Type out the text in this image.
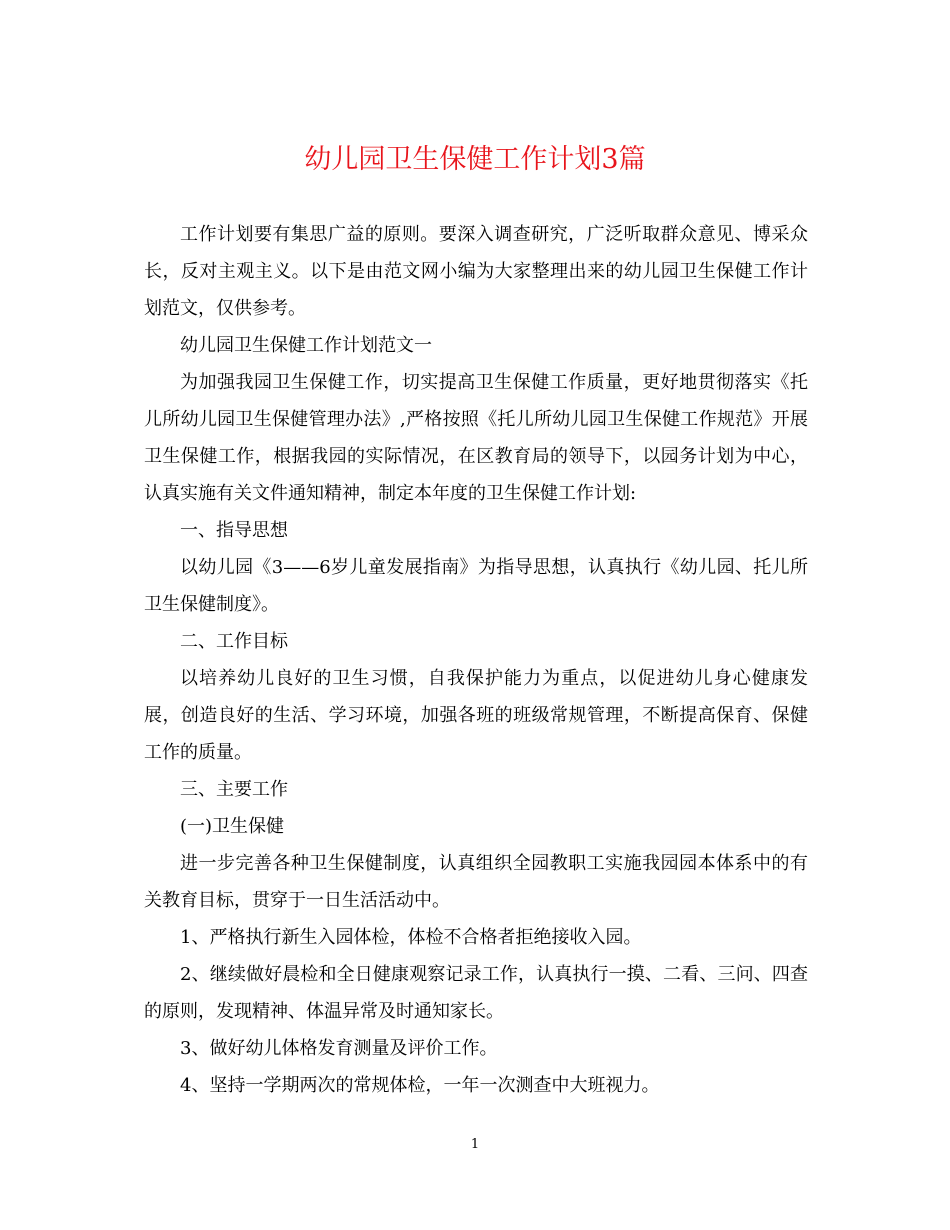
幼儿园卫生保健工作计划3篇

工作计划要有集思广益的原则。要深入调查研究，广泛听取群众意见、博采众长，反对主观主义。以下是由范文网小编为大家整理出来的幼儿园卫生保健工作计划范文，仅供参考。

幼儿园卫生保健工作计划范文一

为加强我园卫生保健工作，切实提高卫生保健工作质量，更好地贯彻落实《托儿所幼儿园卫生保健管理办法》,严格按照《托儿所幼儿园卫生保健工作规范》开展卫生保健工作，根据我园的实际情况，在区教育局的领导下，以园务计划为中心，认真实施有关文件通知精神，制定本年度的卫生保健工作计划:

一、指导思想

以幼儿园《3——6岁儿童发展指南》为指导思想，认真执行《幼儿园、托儿所卫生保健制度》。

二、工作目标

以培养幼儿良好的卫生习惯，自我保护能力为重点，以促进幼儿身心健康发展，创造良好的生活、学习环境，加强各班的班级常规管理，不断提高保育、保健工作的质量。

三、主要工作

(一)卫生保健

进一步完善各种卫生保健制度，认真组织全园教职工实施我园园本体系中的有关教育目标，贯穿于一日生活活动中。

1、严格执行新生入园体检，体检不合格者拒绝接收入园。

2、继续做好晨检和全日健康观察记录工作，认真执行一摸、二看、三问、四查的原则，发现精神、体温异常及时通知家长。

3、做好幼儿体格发育测量及评价工作。

4、坚持一学期两次的常规体检，一年一次测查中大班视力。

1
